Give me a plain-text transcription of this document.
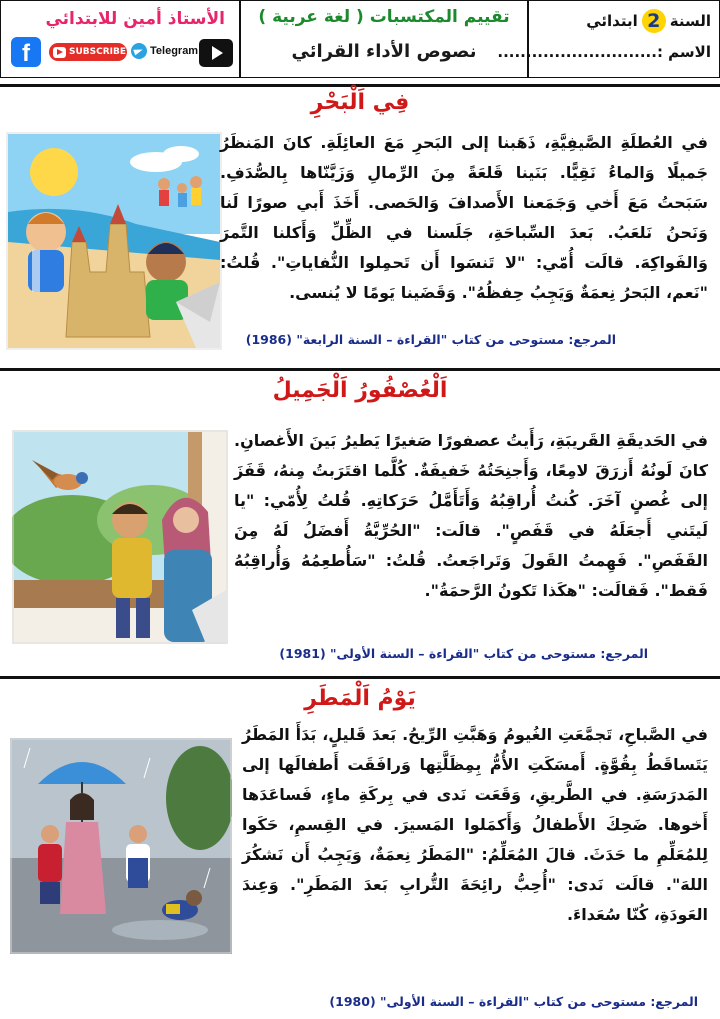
الأستاذ أمين للابتدائي
f	SUBSCRIBE Telegram
تقييم المكتسبات ( لغة عربية )
نصوص الأداء القرائي
السنة
2
ابتدائي
الاسم :............................
فِي اَلْبَحْرِ
في العُطلَةِ الصَّيفِيَّةِ، ذَهَبنا إلى البَحرِ مَعَ العائِلَةِ. كانَ المَنظَرُ جَميلًا وَالماءُ نَقِيًّا. بَنَينا قَلعَةً مِنَ الرِّمالِ وَزَيَّنّاها بِالصُّدَفِ. سَبَحتُ مَعَ أَخي وَجَمَعنا الأَصدافَ وَالحَصى. أَخَذَ أَبي صورًا لَنا وَنَحنُ نَلعَبُ. بَعدَ السِّباحَةِ، جَلَسنا في الظِّلِّ وَأَكلنا التَّمرَ وَالفَواكِهَ. قالَت أُمّي: "لا تَنسَوا أَن تَحمِلوا النُّفاياتِ". قُلتُ: "نَعم، البَحرُ نِعمَةٌ وَيَجِبُ حِفظُهُ". وَقَضَينا يَومًا لا يُنسى.
المرجع: مستوحى من كتاب "القراءة – السنة الرابعة" (1986)
اَلْعُصْفُورُ اَلْجَمِيلُ
في الحَديقَةِ القَريبَةِ، رَأَيتُ عصفورًا صَغيرًا يَطيرُ بَينَ الأَغصانِ. كانَ لَونُهُ أَزرَقَ لامِعًا، وَأَجنِحَتُهُ خَفيفَةٌ. كُلَّما اقتَرَبتُ مِنهُ، قَفَزَ إلى غُصنٍ آخَرَ. كُنتُ أُراقِبُهُ وَأَتَأَمَّلُ حَرَكاتِهِ. قُلتُ لِأُمّي: "يا لَيتَني أَجعَلَهُ في قَفَصٍ". قالَت: "الحُرِّيَّةُ أَفضَلُ لَهُ مِنَ القَفَصِ". فَهِمتُ القَولَ وَتَراجَعتُ. قُلتُ: "سَأُطعِمُهُ وَأُراقِبُهُ فَقط". فَقالَت: "هكَذا تَكونُ الرَّحمَةُ".
المرجع: مستوحى من كتاب "القراءة – السنة الأولى" (1981)
يَوْمُ اَلْمَطَرِ
في الصَّباحِ، تَجمَّعَتِ الغُيومُ وَهَبَّتِ الرِّيحُ. بَعدَ قَليلٍ، بَدَأَ المَطَرُ يَتَساقَطُ بِقُوَّةٍ. أَمسَكَتِ الأُمُّ بِمِظَلَّتِها وَرافَقَت أَطفالَها إلى المَدرَسَةِ. في الطَّريقِ، وَقَعَت نَدى في بِركَةِ ماءٍ، فَساعَدَها أَخوها. ضَحِكَ الأَطفالُ وَأَكمَلوا المَسيرَ. في القِسمِ، حَكَوا لِلمُعَلِّمِ ما حَدَثَ. قالَ المُعَلِّمُ: "المَطَرُ نِعمَةٌ، وَيَجِبُ أَن نَشكُرَ اللهَ". قالَت نَدى: "أُحِبُّ رائِحَةَ التُّرابِ بَعدَ المَطَرِ". وَعِندَ العَودَةِ، كُنّا سُعَداءَ.
المرجع: مستوحى من كتاب "القراءة – السنة الأولى" (1980)
